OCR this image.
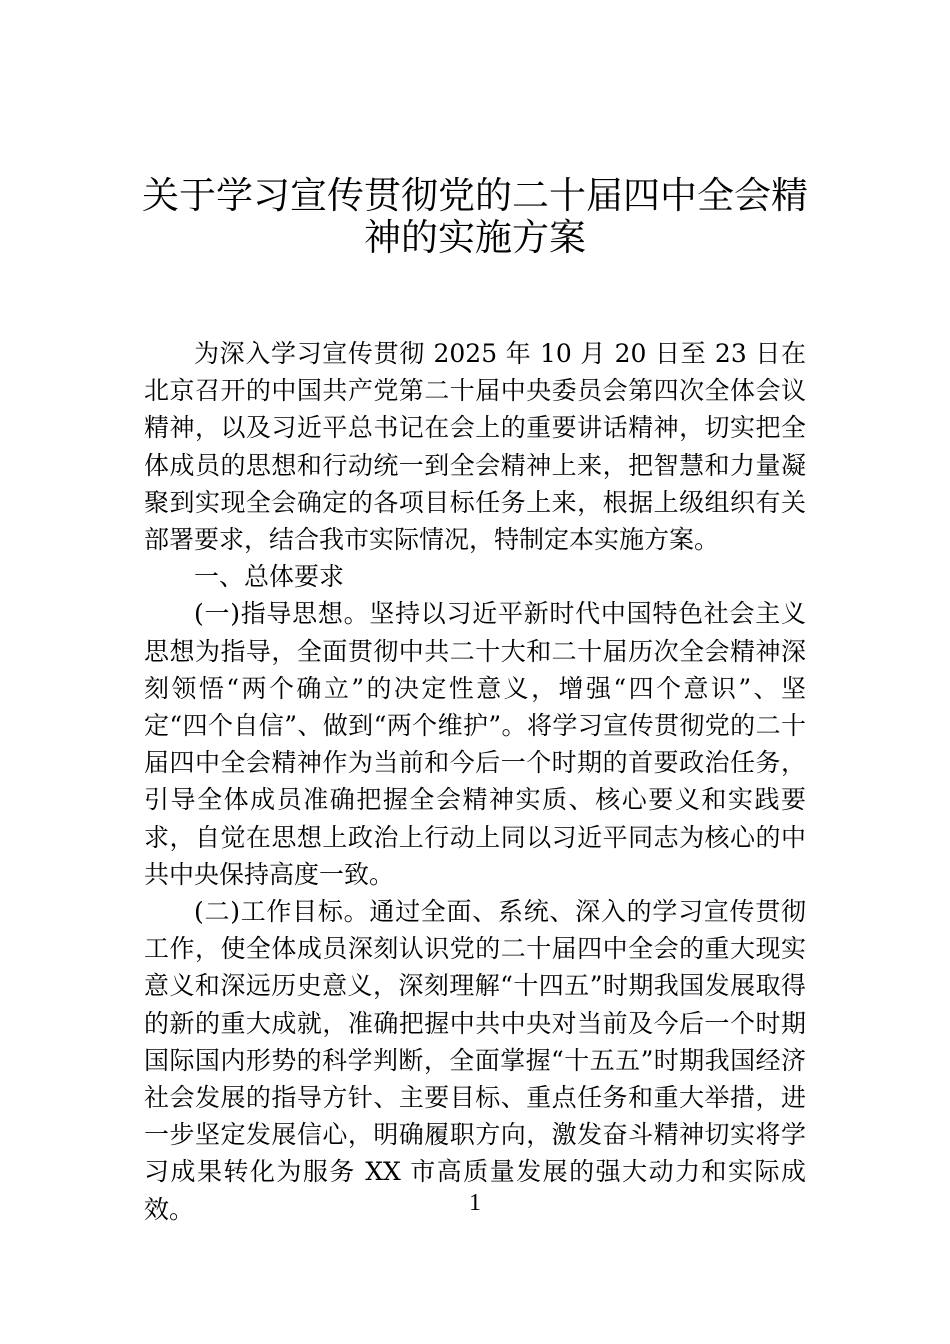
关于学习宣传贯彻党的二十届四中全会精
神的实施方案

为深入学习宣传贯彻 2025 年 10 月 20 日至 23 日在北京召开的中国共产党第二十届中央委员会第四次全体会议精神，以及习近平总书记在会上的重要讲话精神，切实把全体成员的思想和行动统一到全会精神上来，把智慧和力量凝聚到实现全会确定的各项目标任务上来，根据上级组织有关部署要求，结合我市实际情况，特制定本实施方案。

一、总体要求

(一)指导思想。坚持以习近平新时代中国特色社会主义思想为指导，全面贯彻中共二十大和二十届历次全会精神深刻领悟“两个确立”的决定性意义，增强“四个意识”、坚定“四个自信”、做到“两个维护”。将学习宣传贯彻党的二十届四中全会精神作为当前和今后一个时期的首要政治任务，引导全体成员准确把握全会精神实质、核心要义和实践要求，自觉在思想上政治上行动上同以习近平同志为核心的中共中央保持高度一致。

(二)工作目标。通过全面、系统、深入的学习宣传贯彻工作，使全体成员深刻认识党的二十届四中全会的重大现实意义和深远历史意义，深刻理解“十四五”时期我国发展取得的新的重大成就，准确把握中共中央对当前及今后一个时期国际国内形势的科学判断，全面掌握“十五五”时期我国经济社会发展的指导方针、主要目标、重点任务和重大举措，进一步坚定发展信心，明确履职方向，激发奋斗精神切实将学习成果转化为服务 XX 市高质量发展的强大动力和实际成效。	1
